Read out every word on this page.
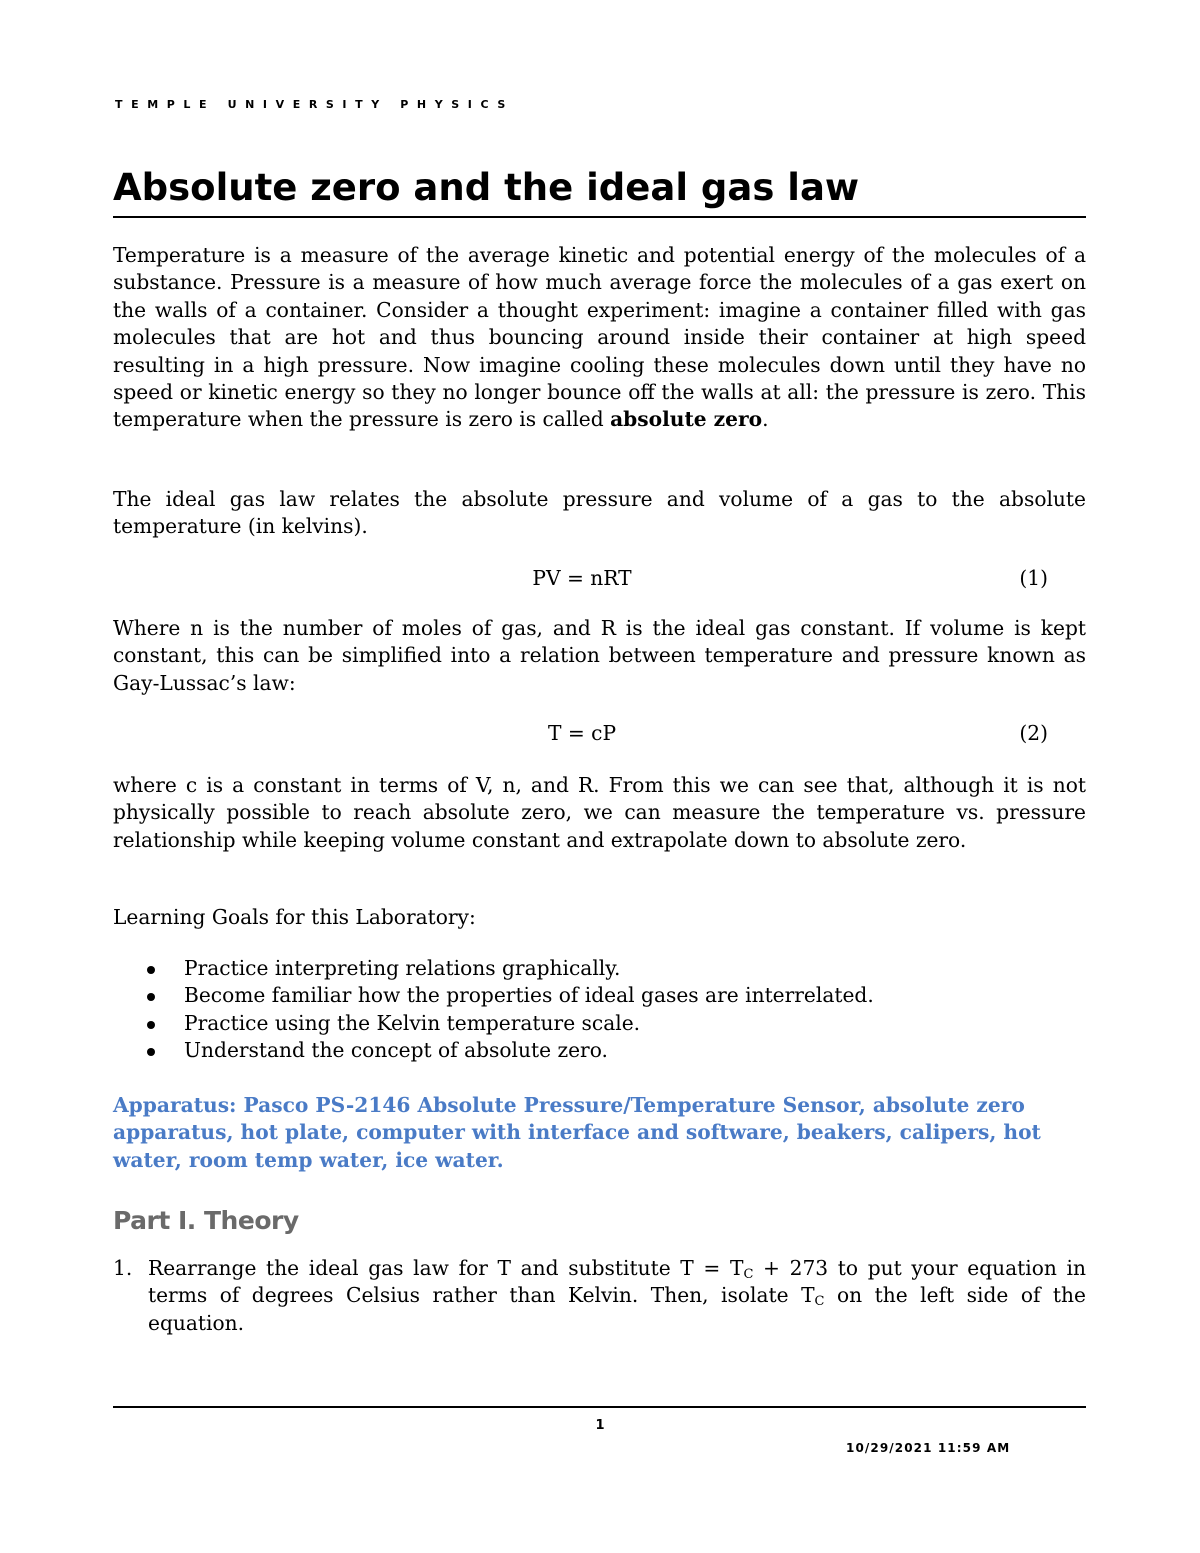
TEMPLE UNIVERSITY PHYSICS
Absolute zero and the ideal gas law

Temperature is a measure of the average kinetic and potential energy of the molecules of a substance. Pressure is a measure of how much average force the molecules of a gas exert on the walls of a container. Consider a thought experiment: imagine a container filled with gas molecules that are hot and thus bouncing around inside their container at high speed resulting in a high pressure. Now imagine cooling these molecules down until they have no speed or kinetic energy so they no longer bounce off the walls at all: the pressure is zero. This temperature when the pressure is zero is called absolute zero.

The ideal gas law relates the absolute pressure and volume of a gas to the absolute temperature (in kelvins).

PV = nRT	(1)

Where n is the number of moles of gas, and R is the ideal gas constant. If volume is kept constant, this can be simplified into a relation between temperature and pressure known as Gay-Lussac’s law:

T = cP	(2)

where c is a constant in terms of V, n, and R. From this we can see that, although it is not physically possible to reach absolute zero, we can measure the temperature vs. pressure relationship while keeping volume constant and extrapolate down to absolute zero.

Learning Goals for this Laboratory:

Practice interpreting relations graphically.
Become familiar how the properties of ideal gases are interrelated.
Practice using the Kelvin temperature scale.
Understand the concept of absolute zero.

Apparatus: Pasco PS-2146 Absolute Pressure/Temperature Sensor, absolute zero apparatus, hot plate, computer with interface and software, beakers, calipers, hot water, room temp water, ice water.

Part I. Theory
1. Rearrange the ideal gas law for T and substitute $T = T_C + 273$ to put your equation in terms of degrees Celsius rather than Kelvin. Then, isolate $T_C$ on the left side of the equation.

1
10/29/2021 11:59 AM
